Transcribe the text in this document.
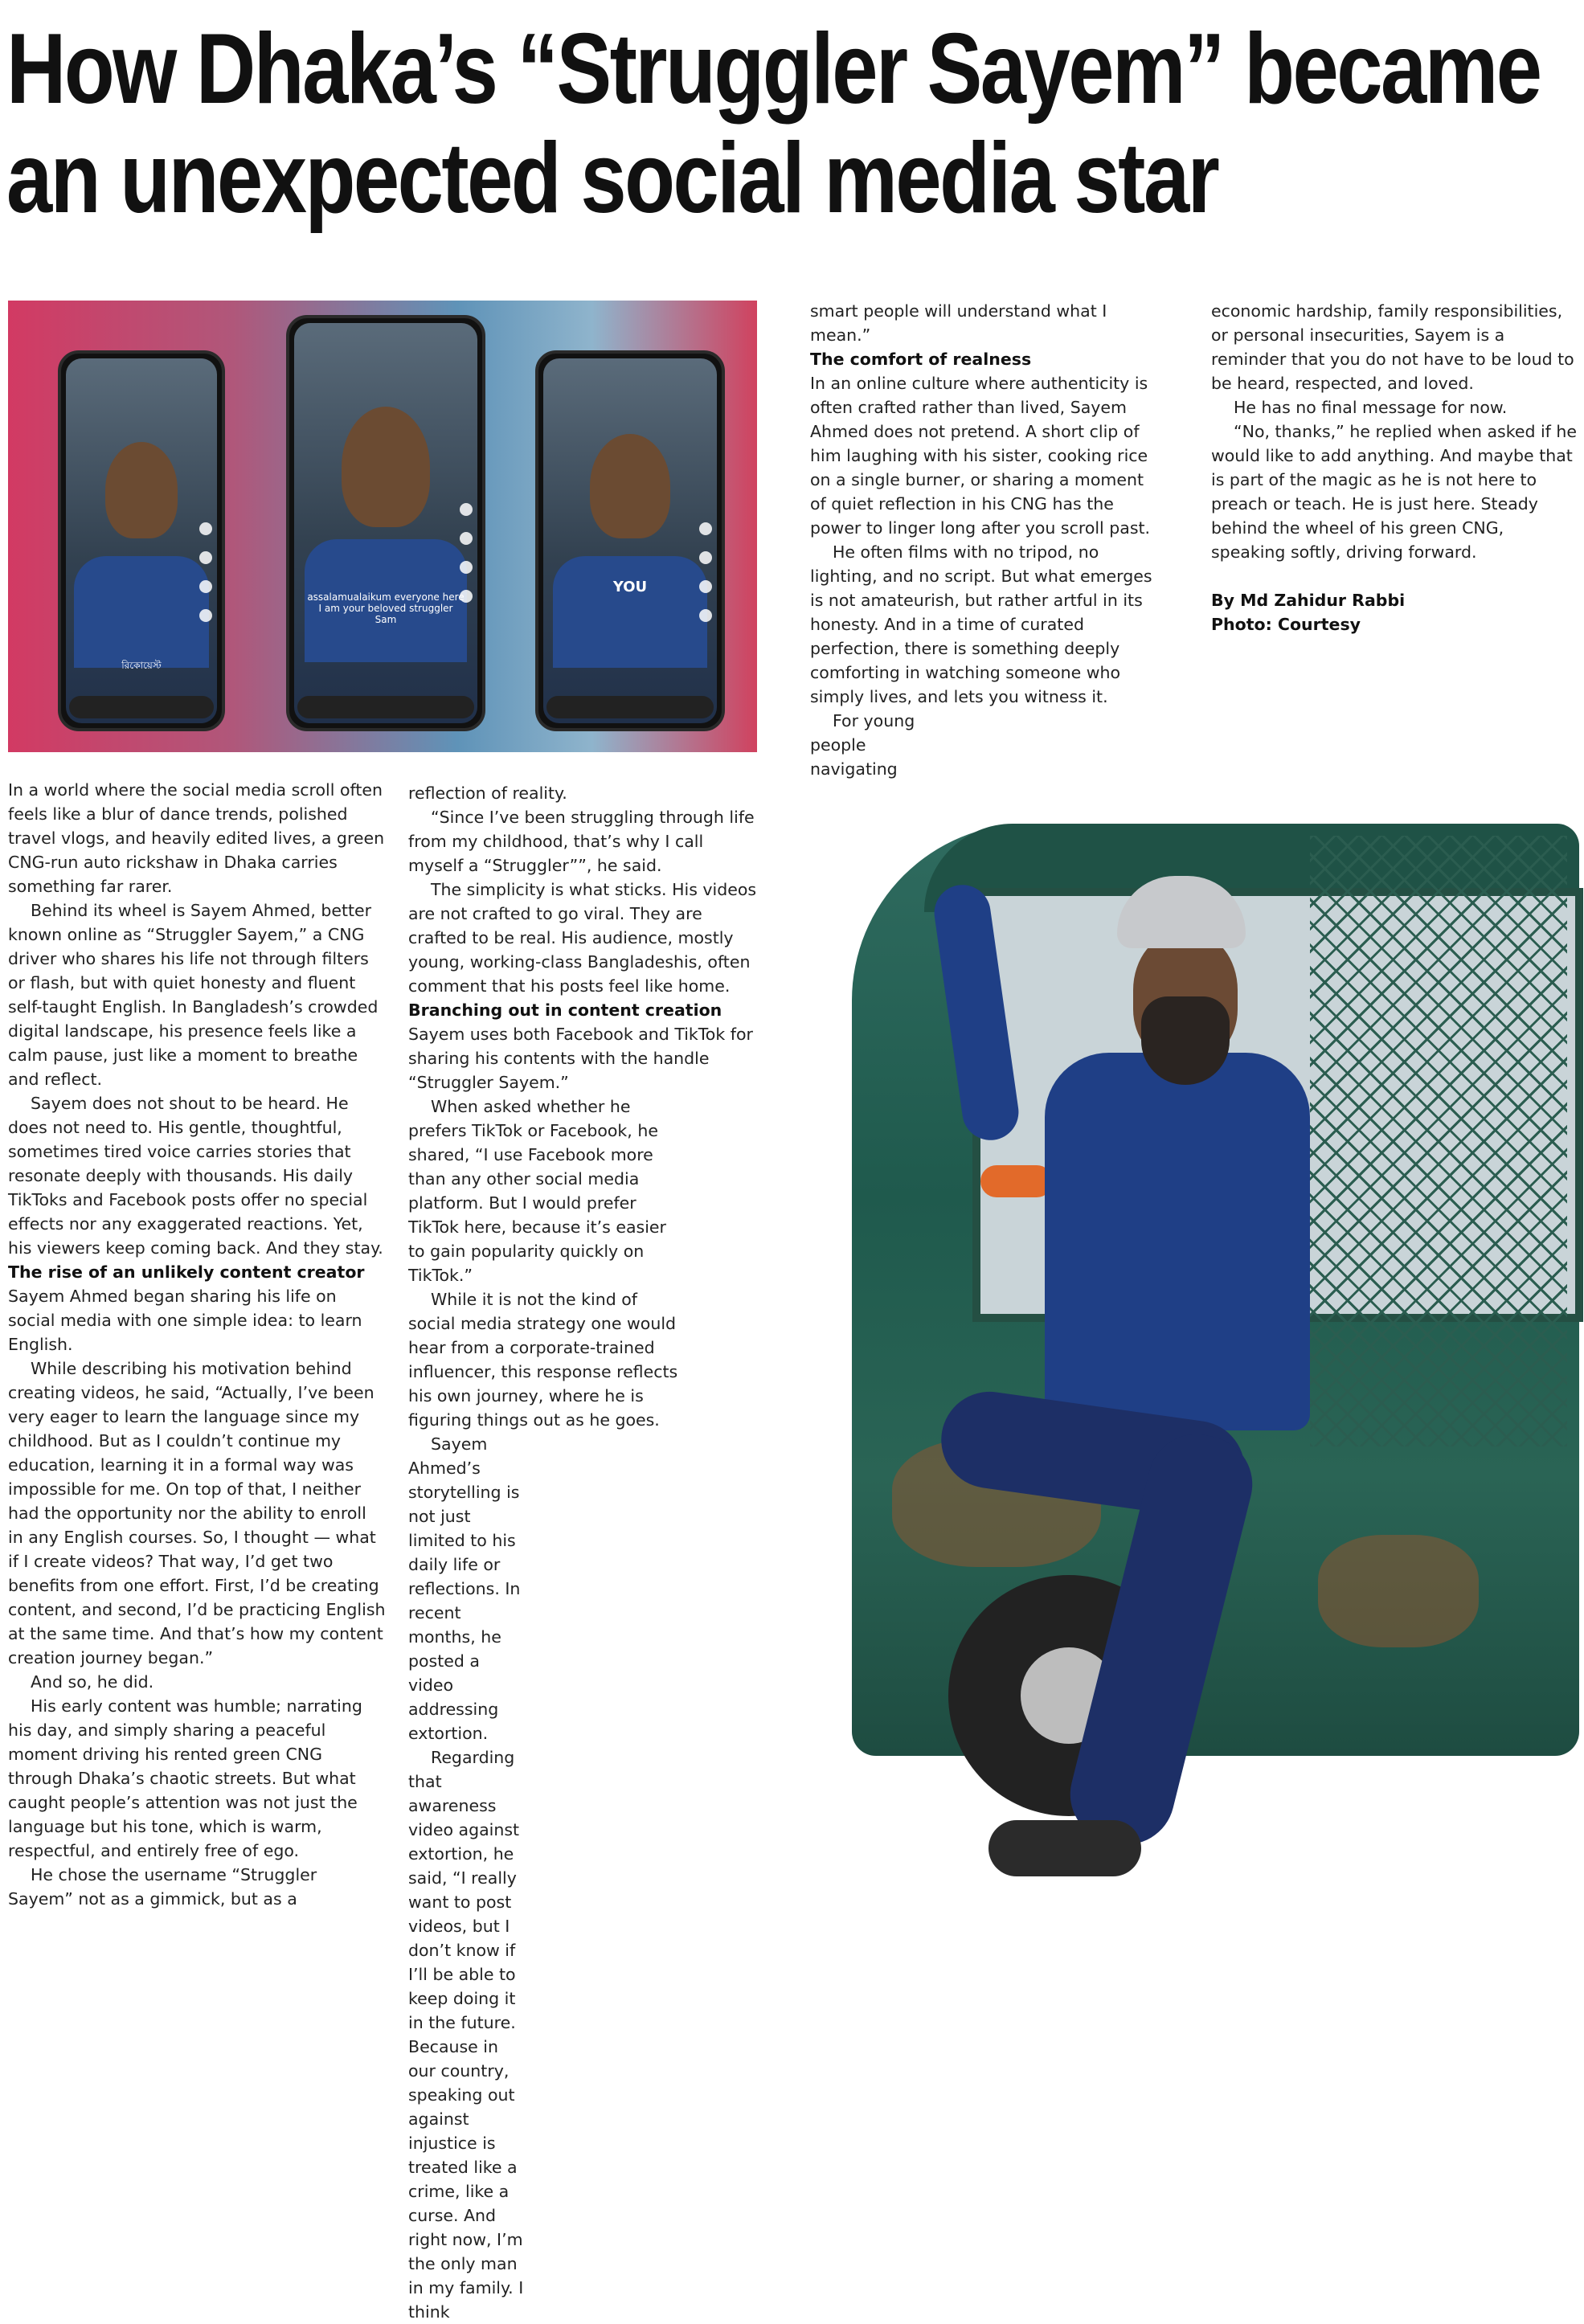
How Dhaka’s “Struggler Sayem” became
an unexpected social media star
রিকোয়েস্ট
assalamualaikum everyone here I am your beloved struggler Sam
YOU

In a world where the social media scroll often feels like a blur of dance trends, polished travel vlogs, and heavily edited lives, a green CNG-run auto rickshaw in Dhaka carries something far rarer.

Behind its wheel is Sayem Ahmed, better known online as “Struggler Sayem,” a CNG driver who shares his life not through filters or flash, but with quiet honesty and fluent self-taught English. In Bangladesh’s crowded digital landscape, his presence feels like a calm pause, just like a moment to breathe and reflect.

Sayem does not shout to be heard. He does not need to. His gentle, thoughtful, sometimes tired voice carries stories that resonate deeply with thousands. His daily TikToks and Facebook posts offer no special effects nor any exaggerated reactions. Yet, his viewers keep coming back. And they stay.

The rise of an unlikely content creator

Sayem Ahmed began sharing his life on social media with one simple idea: to learn English.

While describing his motivation behind creating videos, he said, “Actually, I’ve been very eager to learn the language since my childhood. But as I couldn’t continue my education, learning it in a formal way was impossible for me. On top of that, I neither had the opportunity nor the ability to enroll in any English courses. So, I thought — what if I create videos? That way, I’d get two benefits from one effort. First, I’d be creating content, and second, I’d be practicing English at the same time. And that’s how my content creation journey began.”

And so, he did.

His early content was humble; narrating his day, and simply sharing a peaceful moment driving his rented green CNG through Dhaka’s chaotic streets. But what caught people’s attention was not just the language but his tone, which is warm, respectful, and entirely free of ego.

He chose the username “Struggler Sayem” not as a gimmick, but as a

reflection of reality.

“Since I’ve been struggling through life from my childhood, that’s why I call myself a “Struggler””, he said.

The simplicity is what sticks. His videos are not crafted to go viral. They are crafted to be real. His audience, mostly young, working-class Bangladeshis, often comment that his posts feel like home.

Branching out in content creation

Sayem uses both Facebook and TikTok for sharing his contents with the handle “Struggler Sayem.”

When asked whether he prefers TikTok or Facebook, he shared, “I use Facebook more than any other social media platform. But I would prefer TikTok here, because it’s easier to gain popularity quickly on TikTok.”

While it is not the kind of social media strategy one would hear from a corporate-trained influencer, this response reflects his own journey, where he is figuring things out as he goes.

Sayem Ahmed’s storytelling is not just limited to his daily life or reflections. In recent months, he posted a video addressing extortion.

Regarding that awareness video against extortion, he said, “I really want to post videos, but I don’t know if I’ll be able to keep doing it in the future. Because in our country, speaking out against injustice is treated like a crime, like a curse. And right now, I’m the only man in my family. I think

smart people will understand what I mean.”

The comfort of realness

In an online culture where authenticity is often crafted rather than lived, Sayem Ahmed does not pretend. A short clip of him laughing with his sister, cooking rice on a single burner, or sharing a moment of quiet reflection in his CNG has the power to linger long after you scroll past.

He often films with no tripod, no lighting, and no script. But what emerges is not amateurish, but rather artful in its honesty. And in a time of curated perfection, there is something deeply comforting in watching someone who simply lives, and lets you witness it.

For young people navigating

economic hardship, family responsibilities, or personal insecurities, Sayem is a reminder that you do not have to be loud to be heard, respected, and loved.

He has no final message for now.

“No, thanks,” he replied when asked if he would like to add anything. And maybe that is part of the magic as he is not here to preach or teach. He is just here. Steady behind the wheel of his green CNG, speaking softly, driving forward.

By Md Zahidur Rabbi

Photo: Courtesy
